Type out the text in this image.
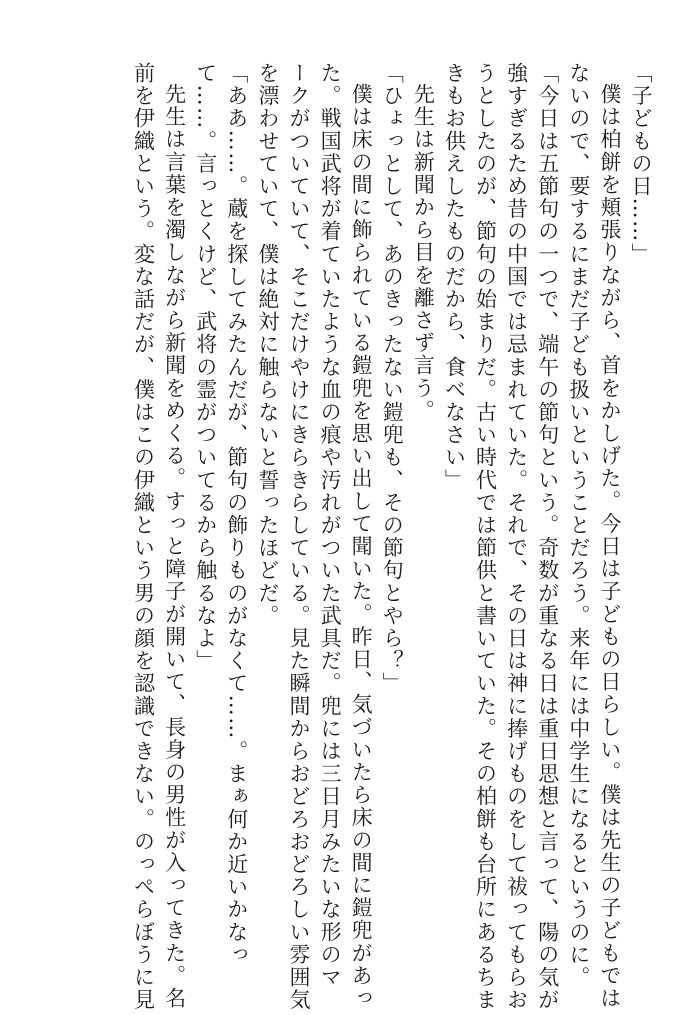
「子どもの日……」
僕は柏餅を頬張りながら、首をかしげた。今日は子どもの日らしい。僕は先生の子どもでは
ないので、要するにまだ子ども扱いということだろう。来年には中学生になるというのに。
「今日は五節句の一つで、端午の節句という。奇数が重なる日は重日思想と言って、陽の気が
強すぎるため昔の中国では忌まれていた。それで、その日は神に捧げものをして祓ってもらお
うとしたのが、節句の始まりだ。古い時代では節供と書いていた。その柏餅も台所にあるちま
きもお供えしたものだから、食べなさい」
先生は新聞から目を離さず言う。
「ひょっとして、あのきったない鎧兜も、その節句とやら？」
僕は床の間に飾られている鎧兜を思い出して聞いた。昨日、気づいたら床の間に鎧兜があっ
た。戦国武将が着ていたような血の痕や汚れがついた武具だ。兜には三日月みたいな形のマ
ークがついていて、そこだけやけにきらきらしている。見た瞬間からおどろおどろしい雰囲気
を漂わせていて、僕は絶対に触らないと誓ったほどだ。
「ああ……。蔵を探してみたんだが、節句の飾りものがなくて……。まぁ何か近いかなっ
て……。言っとくけど、武将の霊がついてるから触るなよ」
先生は言葉を濁しながら新聞をめくる。すっと障子が開いて、長身の男性が入ってきた。名
前を伊織という。変な話だが、僕はこの伊織という男の顔を認識できない。のっぺらぼうに見
